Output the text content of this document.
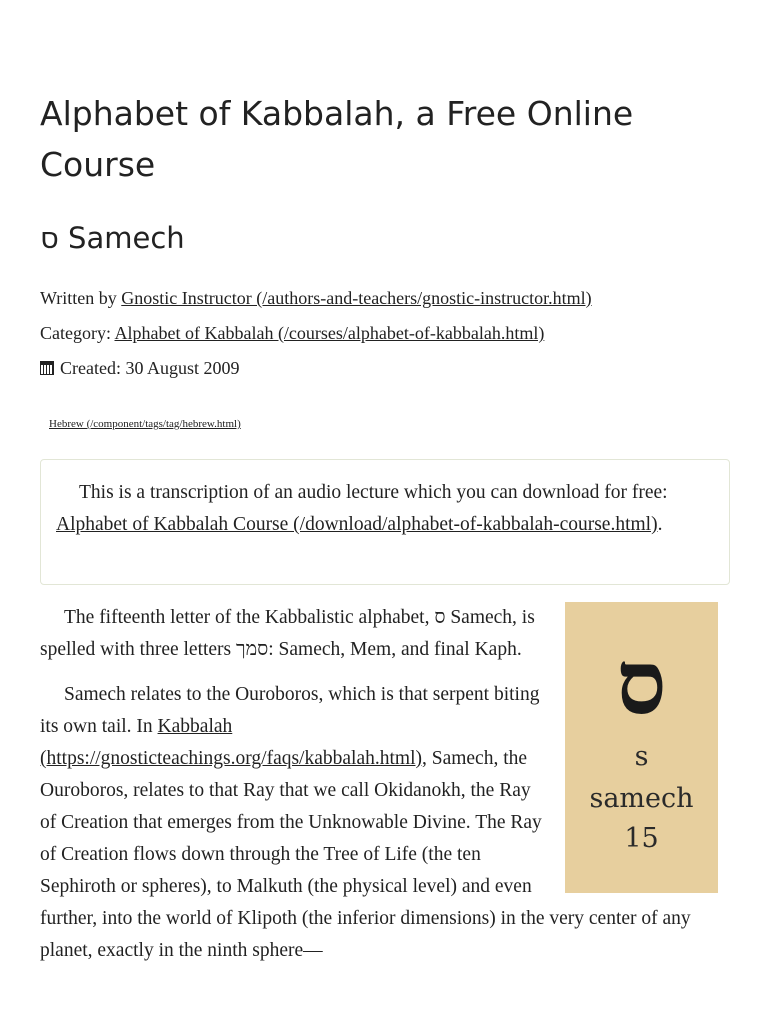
Alphabet of Kabbalah, a Free Online Course
ס Samech
Written by Gnostic Instructor (/authors-and-teachers/gnostic-instructor.html)
Category: Alphabet of Kabbalah (/courses/alphabet-of-kabbalah.html)
Created: 30 August 2009
Hebrew (/component/tags/tag/hebrew.html)

This is a transcription of an audio lecture which you can download for free: Alphabet of Kabbalah Course (/download/alphabet-of-kabbalah-course.html).

ס
s
samech
15

The fifteenth letter of the Kabbalistic alphabet, ס Samech, is spelled with three letters סמך: Samech, Mem, and final Kaph.

Samech relates to the Ouroboros, which is that serpent biting its own tail. In Kabbalah (https://gnosticteachings.org/faqs/kabbalah.html), Samech, the Ouroboros, relates to that Ray that we call Okidanokh, the Ray of Creation that emerges from the Unknowable Divine. The Ray of Creation flows down through the Tree of Life (the ten Sephiroth or spheres), to Malkuth (the physical level) and even further, into the world of Klipoth (the inferior dimensions) in the very center of any planet, exactly in the ninth sphere—
